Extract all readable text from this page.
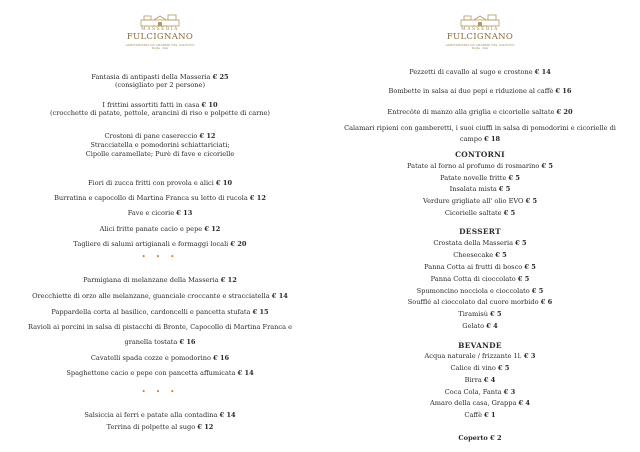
MASSERIA
FULCIGNANO
AGRITURISMO DA CHARME NEL SALENTO
Puglia - Italy
Fantasia di antipasti della Masseria € 25
(consigliato per 2 persone)
I frittini assortiti fatti in casa € 10
(crocchette di patate, pettole, arancini di riso e polpette di carne)
Crostoni di pane casereccio € 12
Stracciatella e pomodorini schiattariciati;
Cipolle caramellate; Purè di fave e cicorielle
Fiori di zucca fritti con provola e alici € 10
Burratina e capocollo di Martina Franca su letto di rucola € 12
Fave e cicorie € 13
Alici fritte panate cacio e pepe € 12
Tagliere di salumi artigianali e formaggi locali € 20
• • •
Parmigiana di melanzane della Masseria € 12
Orecchiette di orzo alle melanzane, guanciale croccante e stracciatella € 14
Pappardella corta al basilico, cardoncelli e pancetta stufata € 15
Ravioli ai porcini in salsa di pistacchi di Bronte, Capocollo di Martina Franca e
granella tostata € 16
Cavatelli spada cozze e pomodorino € 16
Spaghettone cacio e pepe con pancetta affumicata € 14
• • •
Salsiccia ai ferri e patate alla contadina € 14
Terrina di polpette al sugo € 12
MASSERIA
FULCIGNANO
AGRITURISMO DA CHARME NEL SALENTO
Puglia - Italy
Pezzetti di cavallo al sugo e crostone € 14
Bombette in salsa ai due pepi e riduzione al caffè € 16
Entrecôte di manzo alla griglia e cicorielle saltate € 20
Calamari ripieni con gamberetti, i suoi ciuffi in salsa di pomodorini e cicorielle di
campo € 18
CONTORNI
Patate al forno al profumo di rosmarino € 5
Patate novelle fritte € 5
Insalata mista € 5
Verdure grigliate all' olio EVO € 5
Cicorielle saltate € 5
DESSERT
Crostata della Masseria € 5
Cheesecake € 5
Panna Cotta ai frutti di bosco € 5
Panna Cotta di cioccolato € 5
Spumoncino nocciola e cioccolato € 5
Soufflé al cioccolato dal cuore morbido € 6
Tiramisù € 5
Gelato € 4
BEVANDE
Acqua naturale / frizzante 1l. € 3
Calice di vino € 5
Birra € 4
Coca Cola, Fanta € 3
Amaro della casa, Grappa € 4
Caffè € 1
Coperto € 2
